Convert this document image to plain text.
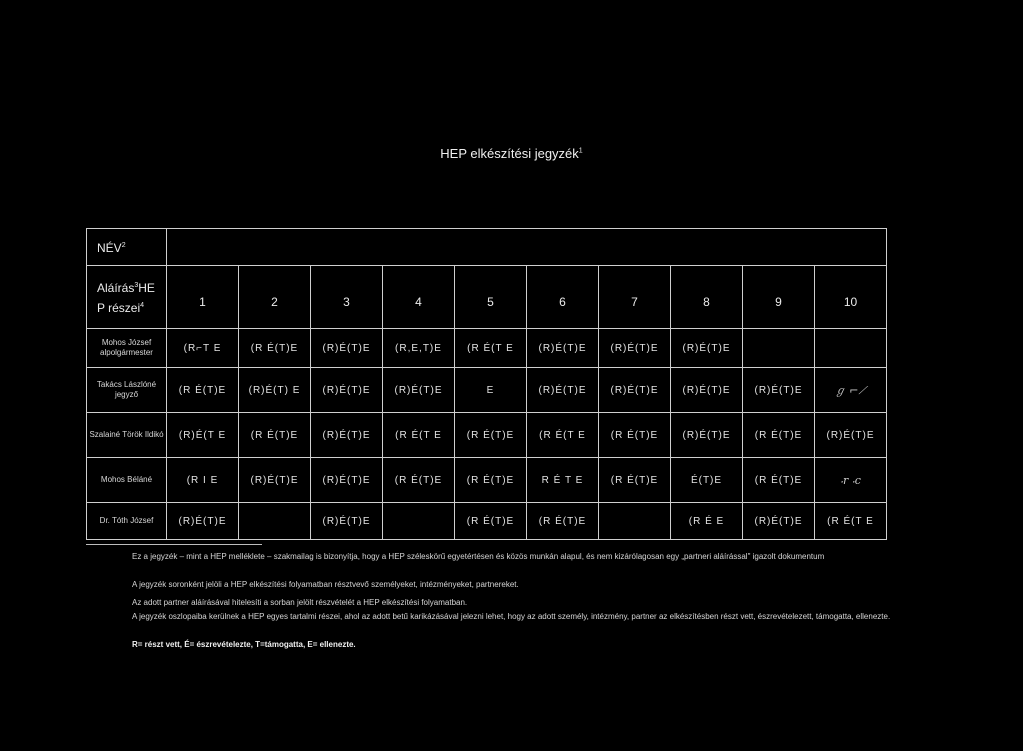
HEP elkészítési jegyzék$^1$
NÉV$^2$	
Aláírás$^3$HE
P részei$^4$	1	2	3	4	5	6	7	8	9	10
Mohos József alpolgármester	(R⌐T E	(R É(T)E	(R)É(T)E	(R,E,T)E	(R É(T E	(R)É(T)E	(R)É(T)E	(R)É(T)E		
Takács Lászlóné jegyző	(R É(T)E	(R)É(T) E	(R)É(T)E	(R)É(T)E	E	(R)É(T)E	(R)É(T)E	(R)É(T)E	(R)É(T)E	ℊ ⌐⟋
Szalainé Török Ildikó	(R)É(T E	(R É(T)E	(R)É(T)E	(R É(T E	(R É(T)E	(R É(T E	(R É(T)E	(R)É(T)E	(R É(T)E	(R)É(T)E
Mohos Béláné	(R I E	(R)É(T)E	(R)É(T)E	(R É(T)E	(R É(T)E	R É T E	(R É(T)E	É(T)E	(R É(T)E	⸳r ⸳c
Dr. Tóth József	(R)É(T)E		(R)É(T)E		(R É(T)E	(R É(T)E		(R É E	(R)É(T)E	(R É(T E
Ez a jegyzék – mint a HEP melléklete – szakmailag is bizonyítja, hogy a HEP széleskörű egyetértésen és közös munkán alapul, és nem kizárólagosan egy „partneri aláírással" igazolt dokumentum
A jegyzék soronként jelöli a HEP elkészítési folyamatban résztvevő személyeket, intézményeket, partnereket.
Az adott partner aláírásával hitelesíti a sorban jelölt részvételét a HEP elkészítési folyamatban.
A jegyzék oszlopaiba kerülnek a HEP egyes tartalmi részei, ahol az adott betű karikázásával jelezni lehet, hogy az adott személy, intézmény, partner az elkészítésben részt vett, észrevételezett, támogatta, ellenezte.
R= részt vett, É= észrevételezte, T=támogatta, E= ellenezte.
